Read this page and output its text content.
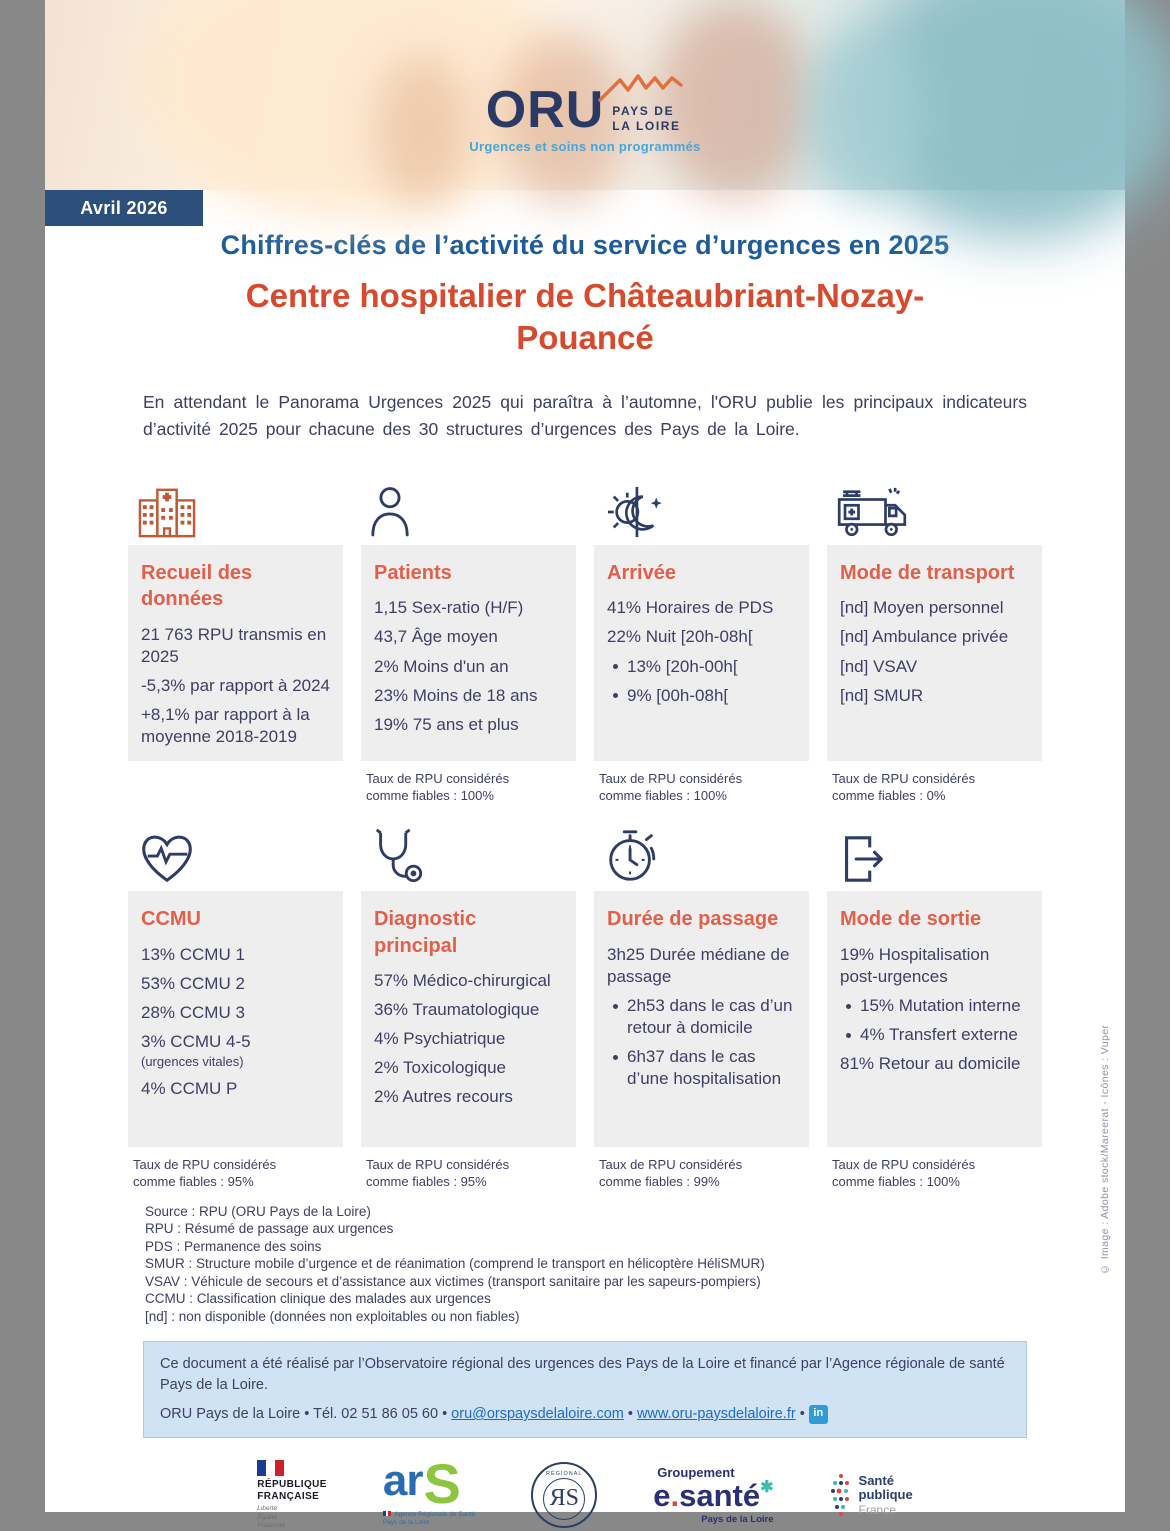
ORU PAYS DE
LA LOIRE
Urgences et soins non programmés
Avril 2026
Chiffres-clés de l’activité du service d’urgences en 2025
Centre hospitalier de Châteaubriant-Nozay-Pouancé

En attendant le Panorama Urgences 2025 qui paraîtra à l’automne, l'ORU publie les principaux indicateurs d’activité 2025 pour chacune des 30 structures d’urgences des Pays de la Loire.

Recueil des données
21 763 RPU transmis en 2025
-5,3% par rapport à 2024
+8,1% par rapport à la moyenne 2018-2019
Patients
1,15 Sex-ratio (H/F)
43,7 Âge moyen
2% Moins d'un an
23% Moins de 18 ans
19% 75 ans et plus
Taux de RPU considérés comme fiables : 100%
Arrivée
41% Horaires de PDS
22% Nuit [20h-08h[
13% [20h-00h[
9% [00h-08h[
Taux de RPU considérés comme fiables : 100%
Mode de transport
[nd] Moyen personnel
[nd] Ambulance privée
[nd] VSAV
[nd] SMUR
Taux de RPU considérés comme fiables : 0%
CCMU
13% CCMU 1
53% CCMU 2
28% CCMU 3
3% CCMU 4-5
(urgences vitales)
4% CCMU P
Taux de RPU considérés comme fiables : 95%
Diagnostic principal
57% Médico-chirurgical
36% Traumatologique
4% Psychiatrique
2% Toxicologique
2% Autres recours
Taux de RPU considérés comme fiables : 95%
Durée de passage
3h25 Durée médiane de passage
2h53 dans le cas d’un retour à domicile
6h37 dans le cas d’une hospitalisation
Taux de RPU considérés comme fiables : 99%
Mode de sortie
19% Hospitalisation post-urgences
15% Mutation interne
4% Transfert externe
81% Retour au domicile
Taux de RPU considérés comme fiables : 100%
Source : RPU (ORU Pays de la Loire)
RPU : Résumé de passage aux urgences
PDS : Permanence des soins
SMUR : Structure mobile d’urgence et de réanimation (comprend le transport en hélicoptère HéliSMUR)
VSAV : Véhicule de secours et d’assistance aux victimes (transport sanitaire par les sapeurs-pompiers)
CCMU : Classification clinique des malades aux urgences
[nd] : non disponible (données non exploitables ou non fiables)
Ce document a été réalisé par l’Observatoire régional des urgences des Pays de la Loire et financé par l’Agence régionale de santé Pays de la Loire.
ORU Pays de la Loire • Tél. 02 51 86 05 60 • oru@orspaysdelaloire.com • www.oru-paysdelaloire.fr • in
RÉPUBLIQUE
FRANÇAISE
Liberté
Égalité
Fraternité
ar S
Agence Régionale de Santé
Pays de la Loire
RÉGIONAL
ЯS
Groupement
e.santé✱
Pays de la Loire
Santé
publique
France
© Image : Adobe stock/Mareerat - Icônes : Vuper
